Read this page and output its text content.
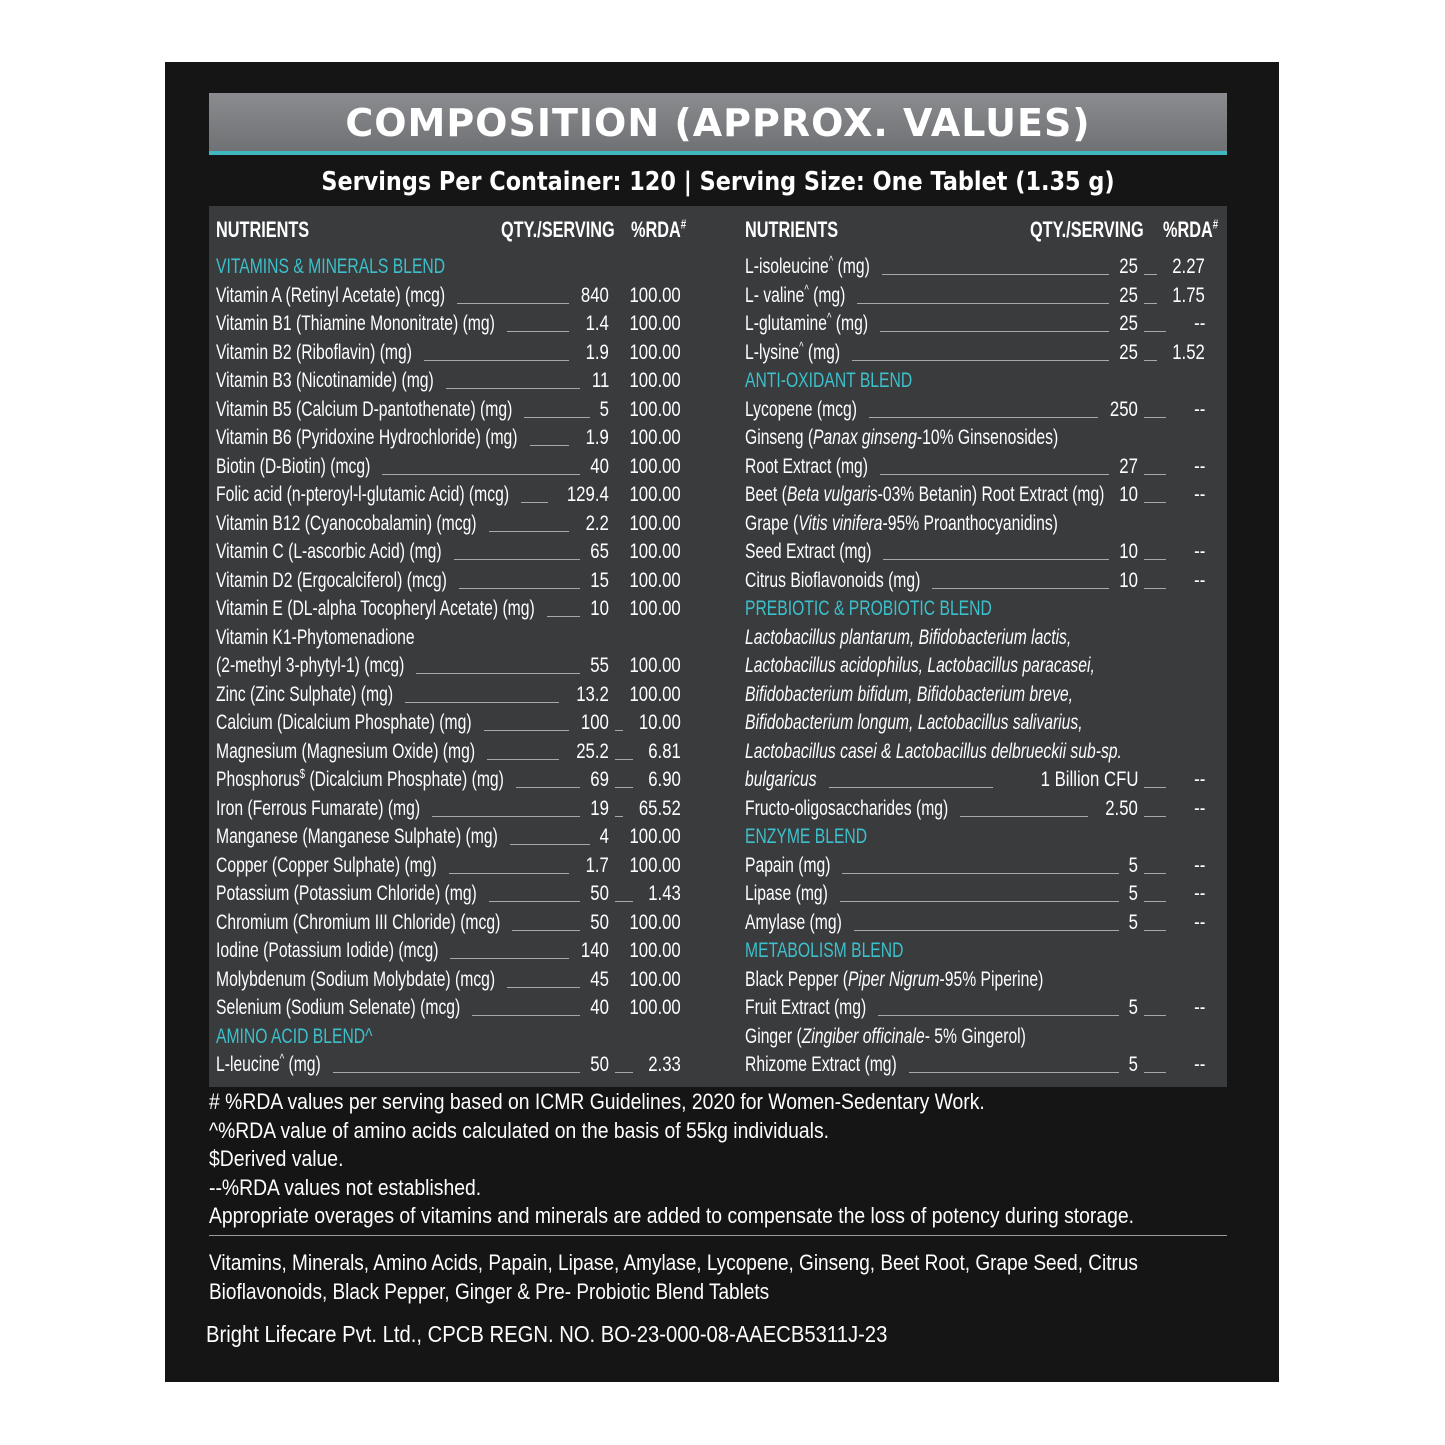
COMPOSITION (APPROX. VALUES)
Servings Per Container: 120 | Serving Size: One Tablet (1.35 g)
NUTRIENTS	QTY./SERVING %RDA#
VITAMINS & MINERALS BLEND
Vitamin A (Retinyl Acetate) (mcg)	840 100.00
Vitamin B1 (Thiamine Mononitrate) (mg)	1.4 100.00
Vitamin B2 (Riboflavin) (mg)	1.9 100.00
Vitamin B3 (Nicotinamide) (mg)	11 100.00
Vitamin B5 (Calcium D-pantothenate) (mg)	5 100.00
Vitamin B6 (Pyridoxine Hydrochloride) (mg)	1.9 100.00
Biotin (D-Biotin) (mcg)	40 100.00
Folic acid (n-pteroyl-l-glutamic Acid) (mcg)	129.4 100.00
Vitamin B12 (Cyanocobalamin) (mcg)	2.2 100.00
Vitamin C (L-ascorbic Acid) (mg)	65 100.00
Vitamin D2 (Ergocalciferol) (mcg)	15 100.00
Vitamin E (DL-alpha Tocopheryl Acetate) (mg)	10 100.00
Vitamin K1-Phytomenadione
(2-methyl 3-phytyl-1) (mcg)	55 100.00
Zinc (Zinc Sulphate) (mg)	13.2 100.00
Calcium (Dicalcium Phosphate) (mg)	100 10.00
Magnesium (Magnesium Oxide) (mg)	25.2 6.81
Phosphorus$ (Dicalcium Phosphate) (mg)	69 6.90
Iron (Ferrous Fumarate) (mg)	19 65.52
Manganese (Manganese Sulphate) (mg)	4 100.00
Copper (Copper Sulphate) (mg)	1.7 100.00
Potassium (Potassium Chloride) (mg)	50 1.43
Chromium (Chromium III Chloride) (mcg)	50 100.00
Iodine (Potassium Iodide) (mcg)	140 100.00
Molybdenum (Sodium Molybdate) (mcg)	45 100.00
Selenium (Sodium Selenate) (mcg)	40 100.00
AMINO ACID BLEND^
L-leucine^ (mg)	50 2.33
NUTRIENTS	QTY./SERVING %RDA#
L-isoleucine^ (mg)	25 2.27
L- valine^ (mg)	25 1.75
L-glutamine^ (mg)	25	--
L-lysine^ (mg)	25 1.52
ANTI-OXIDANT BLEND
Lycopene (mcg)	250	--
Ginseng (Panax ginseng-10% Ginsenosides)
Root Extract (mg)	27	--
Beet (Beta vulgaris-03% Betanin) Root Extract (mg) 10	--
Grape (Vitis vinifera-95% Proanthocyanidins)
Seed Extract (mg)	10	--
Citrus Bioflavonoids (mg)	10	--
PREBIOTIC & PROBIOTIC BLEND
Lactobacillus plantarum, Bifidobacterium lactis,
Lactobacillus acidophilus, Lactobacillus paracasei,
Bifidobacterium bifidum, Bifidobacterium breve,
Bifidobacterium longum, Lactobacillus salivarius,
Lactobacillus casei & Lactobacillus delbrueckii sub-sp.
bulgaricus	1 Billion CFU	--
Fructo-oligosaccharides (mg)	2.50	--
ENZYME BLEND
Papain (mg)	5	--
Lipase (mg)	5	--
Amylase (mg)	5	--
METABOLISM BLEND
Black Pepper (Piper Nigrum-95% Piperine)
Fruit Extract (mg)	5	--
Ginger (Zingiber officinale- 5% Gingerol)
Rhizome Extract (mg)	5	--
# %RDA values per serving based on ICMR Guidelines, 2020 for Women-Sedentary Work.
^%RDA value of amino acids calculated on the basis of 55kg individuals.
$Derived value.
--%RDA values not established.
Appropriate overages of vitamins and minerals are added to compensate the loss of potency during storage.
Vitamins, Minerals, Amino Acids, Papain, Lipase, Amylase, Lycopene, Ginseng, Beet Root, Grape Seed, Citrus
Bioflavonoids, Black Pepper, Ginger & Pre- Probiotic Blend Tablets
Bright Lifecare Pvt. Ltd., CPCB REGN. NO. BO-23-000-08-AAECB5311J-23
